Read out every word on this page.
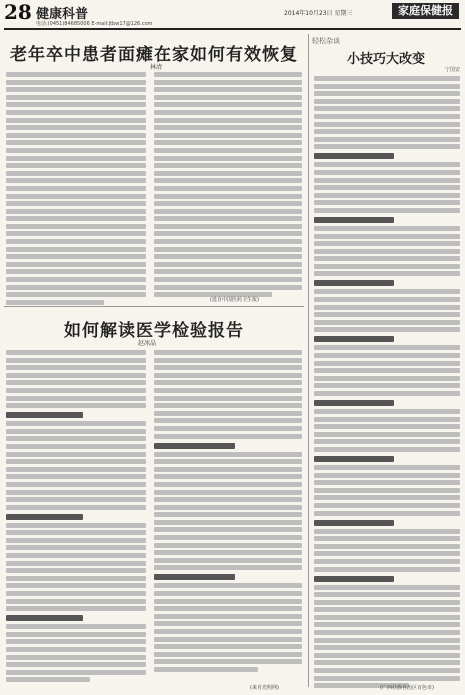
28 健康科普
电话:(0451)84685006 E-mail:jtbw17@126.com
2014年10月23日 星期三	家庭保健报
老年卒中患者面瘫在家如何有效恢复
林清
(选自中国医药卫生报)
如何解读医学检验报告
赵冰晶
(来自光明网)
轻松杂谈
小技巧大改变
宁国安
(广西壮族自治区百色市)
